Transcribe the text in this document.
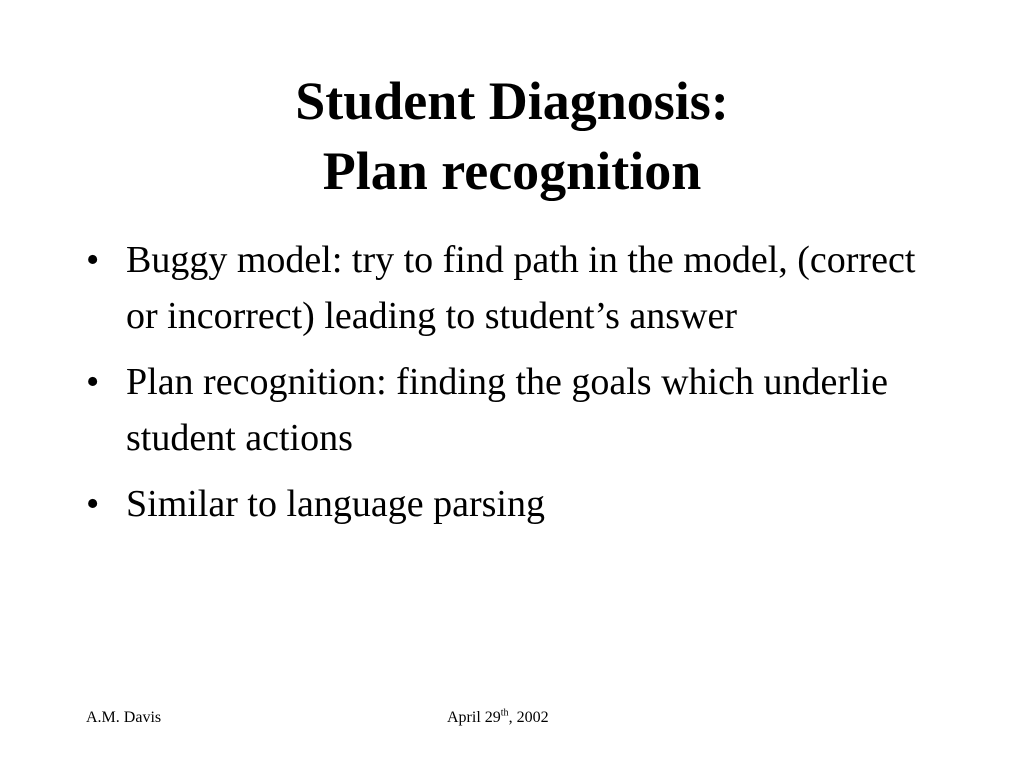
Student Diagnosis:
Plan recognition
• Buggy model: try to find path in the model, (correct or incorrect) leading to student’s answer
• Plan recognition: finding the goals which underlie student actions
• Similar to language parsing
A.M. Davis	April 29th, 2002
